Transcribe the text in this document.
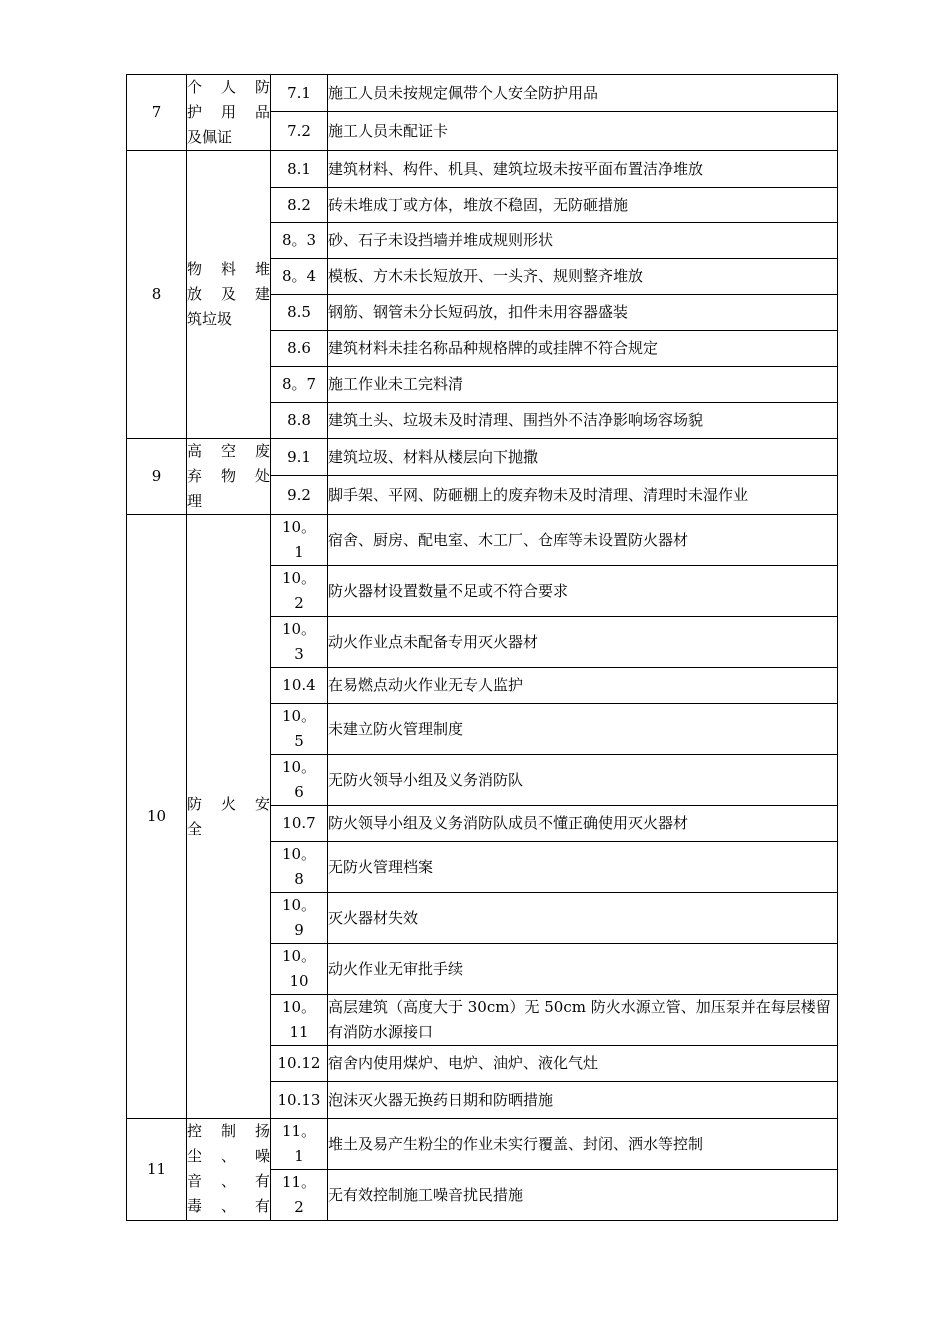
7	个 人 防
护 用 品
及佩证	7.1	施工人员未按规定佩带个人安全防护用品

		7.2	施工人员未配证卡
8	物 料 堆
放 及 建
筑垃圾	8.1	建筑材料、构件、机具、建筑垃圾未按平面布置洁净堆放

		8.2	砖未堆成丁或方体，堆放不稳固，无防砸措施

		8。3	砂、石子未设挡墙并堆成规则形状

		8。4	模板、方木未长短放开、一头齐、规则整齐堆放

		8.5	钢筋、钢管未分长短码放，扣件未用容器盛装

		8.6	建筑材料未挂名称品种规格牌的或挂牌不符合规定

		8。7	施工作业未工完料清

		8.8	建筑土头、垃圾未及时清理、围挡外不洁净影响场容场貌
9	高 空 废
弃 物 处
理	9.1	建筑垃圾、材料从楼层向下抛撒

		9.2	脚手架、平网、防砸棚上的废弃物未及时清理、清理时未湿作业
10	防 火 安
全	10。
1	宿舍、厨房、配电室、木工厂、仓库等未设置防火器材

		10。
2	防火器材设置数量不足或不符合要求

		10。
3	动火作业点未配备专用灭火器材

		10.4	在易燃点动火作业无专人监护

		10。
5	未建立防火管理制度

		10。
6	无防火领导小组及义务消防队

		10.7	防火领导小组及义务消防队成员不懂正确使用灭火器材

		10。
8	无防火管理档案

		10。
9	灭火器材失效

		10。
10	动火作业无审批手续

		10。
11	高层建筑（高度大于 30cm）无 50cm 防火水源立管、加压泵并在每层楼留有消防水源接口

		10.12	宿舍内使用煤炉、电炉、油炉、液化气灶

		10.13	泡沫灭火器无换药日期和防晒措施
11	控 制 扬
尘 、 噪
音 、 有
毒 、 有	11。
1	堆土及易产生粉尘的作业未实行覆盖、封闭、洒水等控制

		11。
2	无有效控制施工噪音扰民措施
